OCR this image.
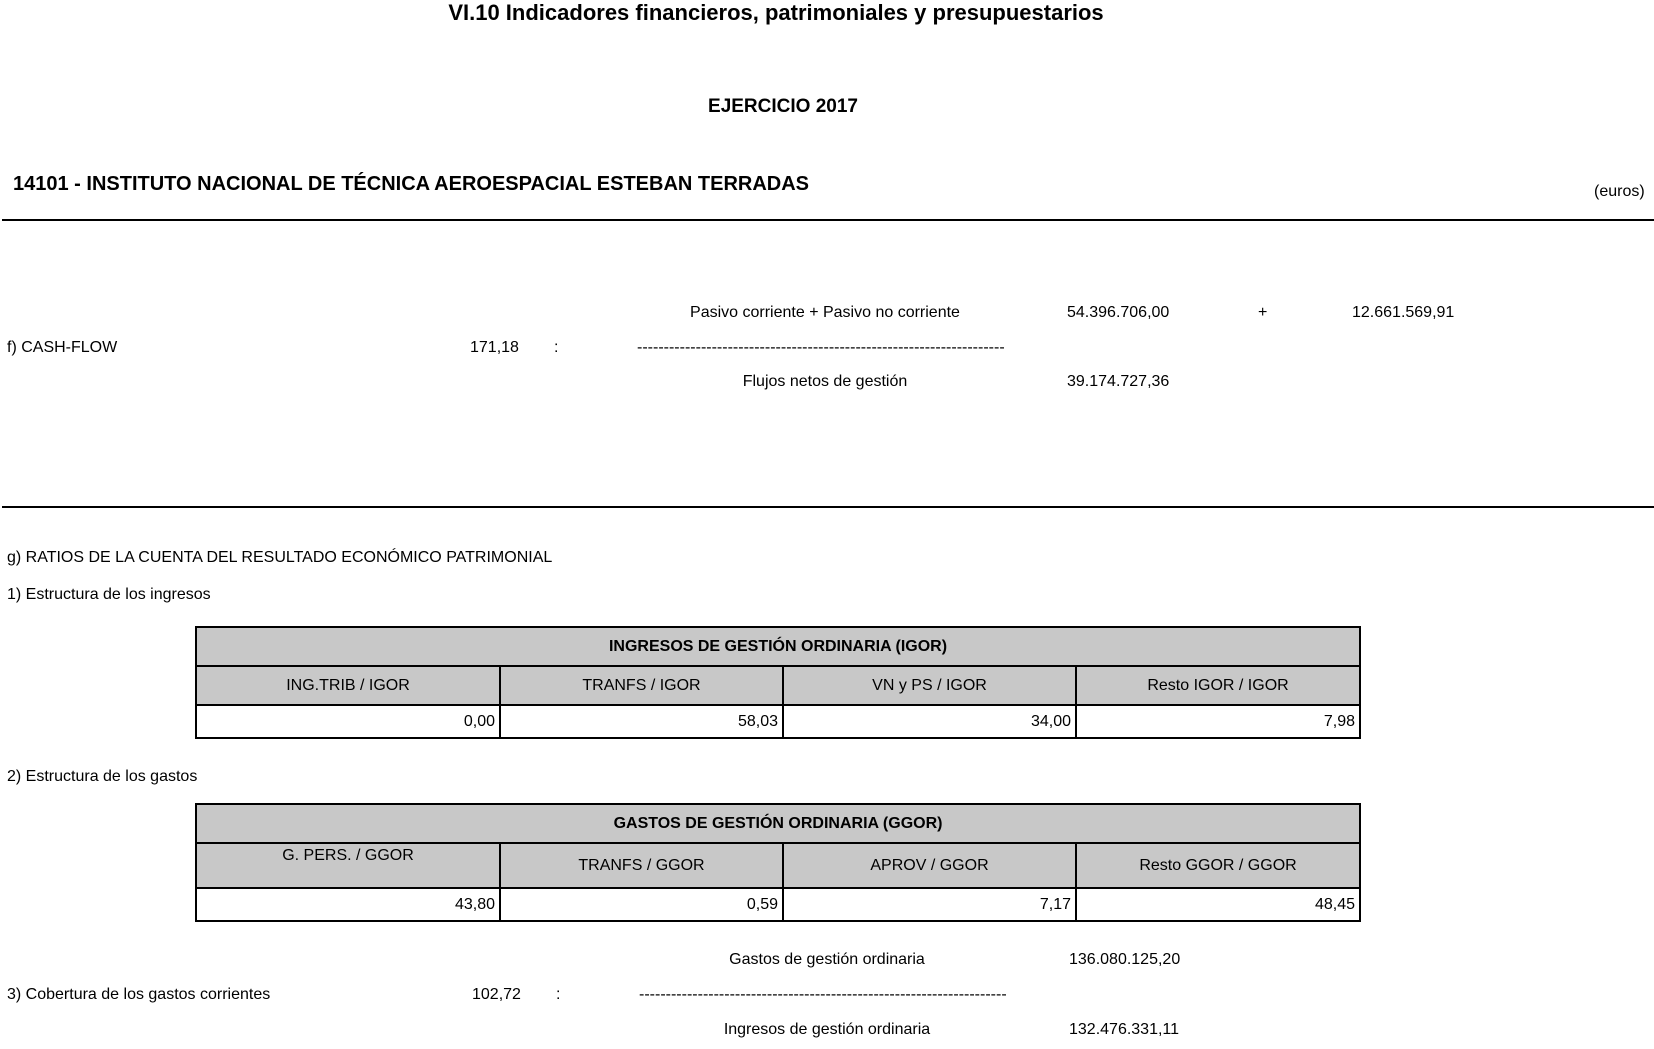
VI.10 Indicadores financieros, patrimoniales y presupuestarios
EJERCICIO 2017
14101 - INSTITUTO NACIONAL DE TÉCNICA AEROESPACIAL ESTEBAN TERRADAS	(euros)
Pasivo corriente + Pasivo no corriente	54.396.706,00	+	12.661.569,91
f) CASH-FLOW	171,18 :	---------------------------------------------------------------------
Flujos netos de gestión	39.174.727,36
g) RATIOS DE LA CUENTA DEL RESULTADO ECONÓMICO PATRIMONIAL
1) Estructura de los ingresos
INGRESOS DE GESTIÓN ORDINARIA (IGOR)			
ING.TRIB / IGOR	TRANFS / IGOR	VN y PS / IGOR	Resto IGOR / IGOR
0,00	58,03	34,00	7,98
2) Estructura de los gastos
GASTOS DE GESTIÓN ORDINARIA (GGOR)			
G. PERS. / GGOR	TRANFS / GGOR	APROV / GGOR	Resto GGOR / GGOR
43,80	0,59	7,17	48,45
Gastos de gestión ordinaria	136.080.125,20
3) Cobertura de los gastos corrientes	102,72 :	---------------------------------------------------------------------
Ingresos de gestión ordinaria	132.476.331,11
